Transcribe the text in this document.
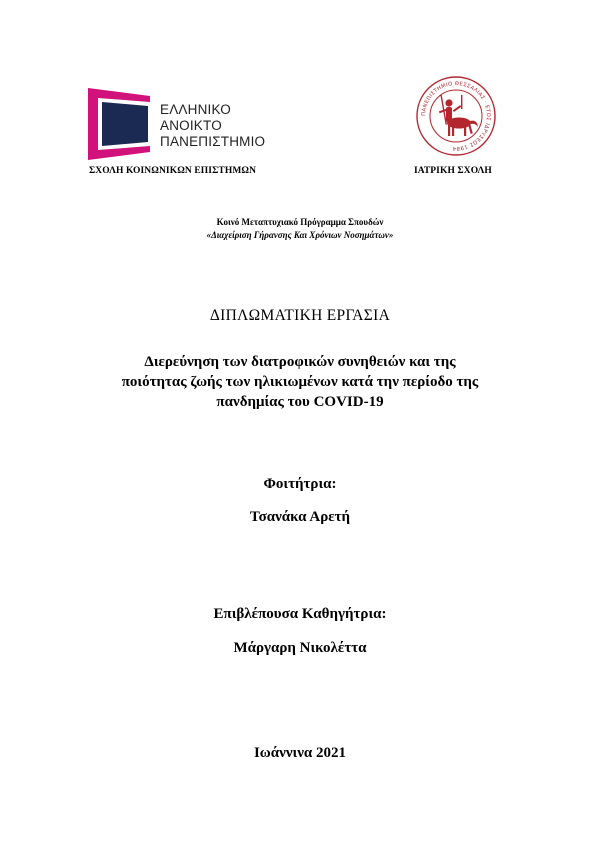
ΕΛΛΗΝΙΚΟ
ΑΝΟΙΚΤΟ
ΠΑΝΕΠΙΣΤΗΜΙΟ
ΠΑΝΕΠΙΣΤΗΜΙΟ ΘΕΣΣΑΛΙΑΣ · ΕΤΟΣ ΙΔΡΥΣΕΩΣ 1984
ΣΧΟΛΗ ΚΟΙΝΩΝΙΚΩΝ ΕΠΙΣΤΗΜΩΝ	ΙΑΤΡΙΚΗ ΣΧΟΛΗ
Κοινό Μεταπτυχιακό Πρόγραμμα Σπουδών
«Διαχείριση Γήρανσης Και Χρόνιων Νοσημάτων»
ΔΙΠΛΩΜΑΤΙΚΗ ΕΡΓΑΣΙΑ
Διερεύνηση των διατροφικών συνηθειών και της
ποιότητας ζωής των ηλικιωμένων κατά την περίοδο της
πανδημίας του COVID-19
Φοιτήτρια:
Τσανάκα Αρετή
Επιβλέπουσα Καθηγήτρια:
Μάργαρη Νικολέττα
Ιωάννινα 2021
